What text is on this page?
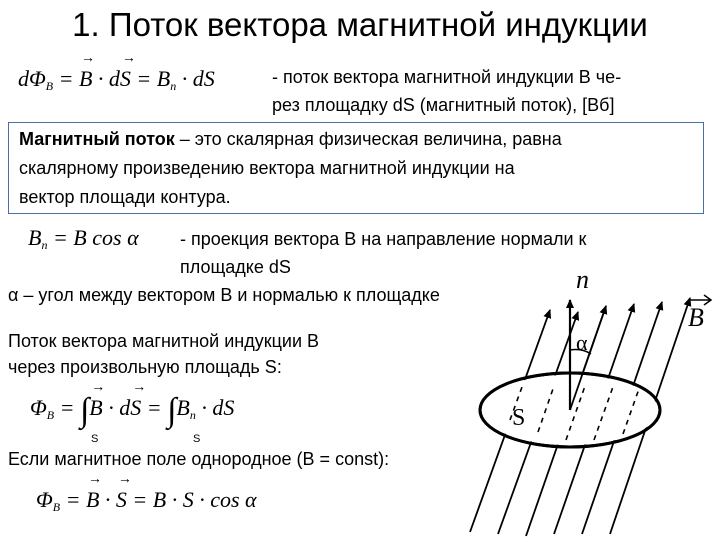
1. Поток вектора магнитной индукции
$d\Phi_B$ = → $B \cdot d\to S = B_n$ · dS	- поток вектора магнитной индукции В че-
рез площадку dS (магнитный поток), [Вб]
Магнитный поток – это скалярная физическая величина, равна
скалярному произведению вектора магнитной индукции на
вектор площади контура.
$B_n = B$ cos α - проекция вектора В на направление нормали к
площадке dS
α – угол между вектором В и нормалью к площадке
Поток вектора магнитной индукции В
через произвольную площадь S:
$\Phi_B$ = ∫→ $B \cdot d\to S = \int B_n$ · dS
S	S
Если магнитное поле однородное (B = const):
$\Phi_B$ = → B · → S = B · S · cos α
n
B
α
S
